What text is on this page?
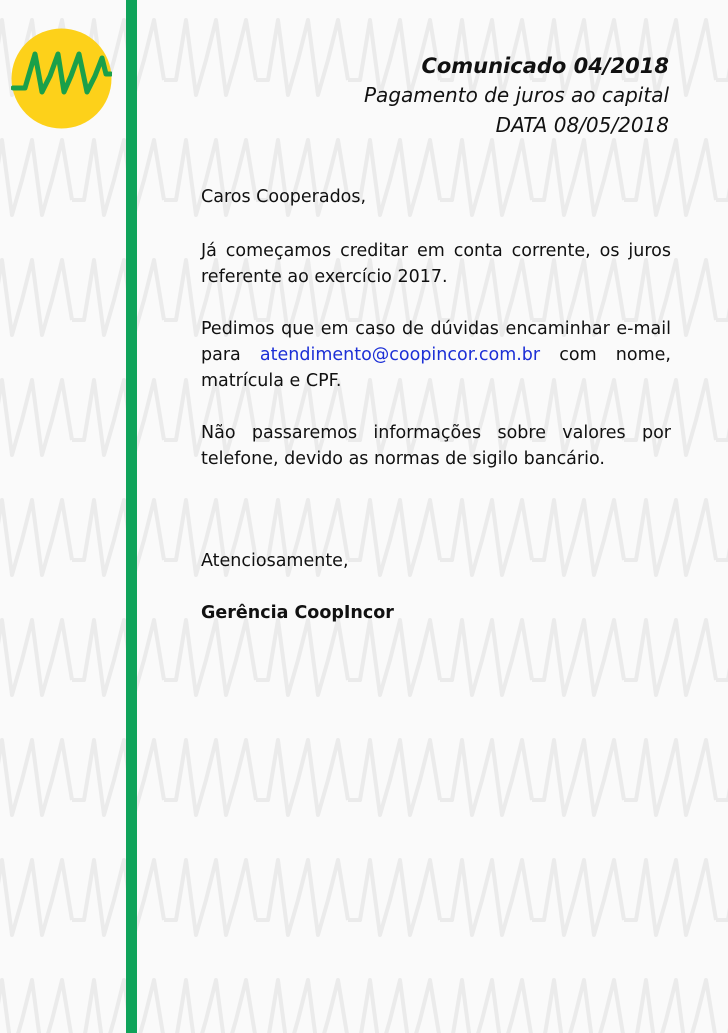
Comunicado 04/2018
Pagamento de juros ao capital
DATA 08/05/2018
Caros Cooperados,
Já começamos creditar em conta corrente, os juros referente ao exercício 2017.
Pedimos que em caso de dúvidas encaminhar e-mail para atendimento@coopincor.com.br com nome, matrícula e CPF.
Não passaremos informações sobre valores por telefone, devido as normas de sigilo bancário.
Atenciosamente,
Gerência CoopIncor
